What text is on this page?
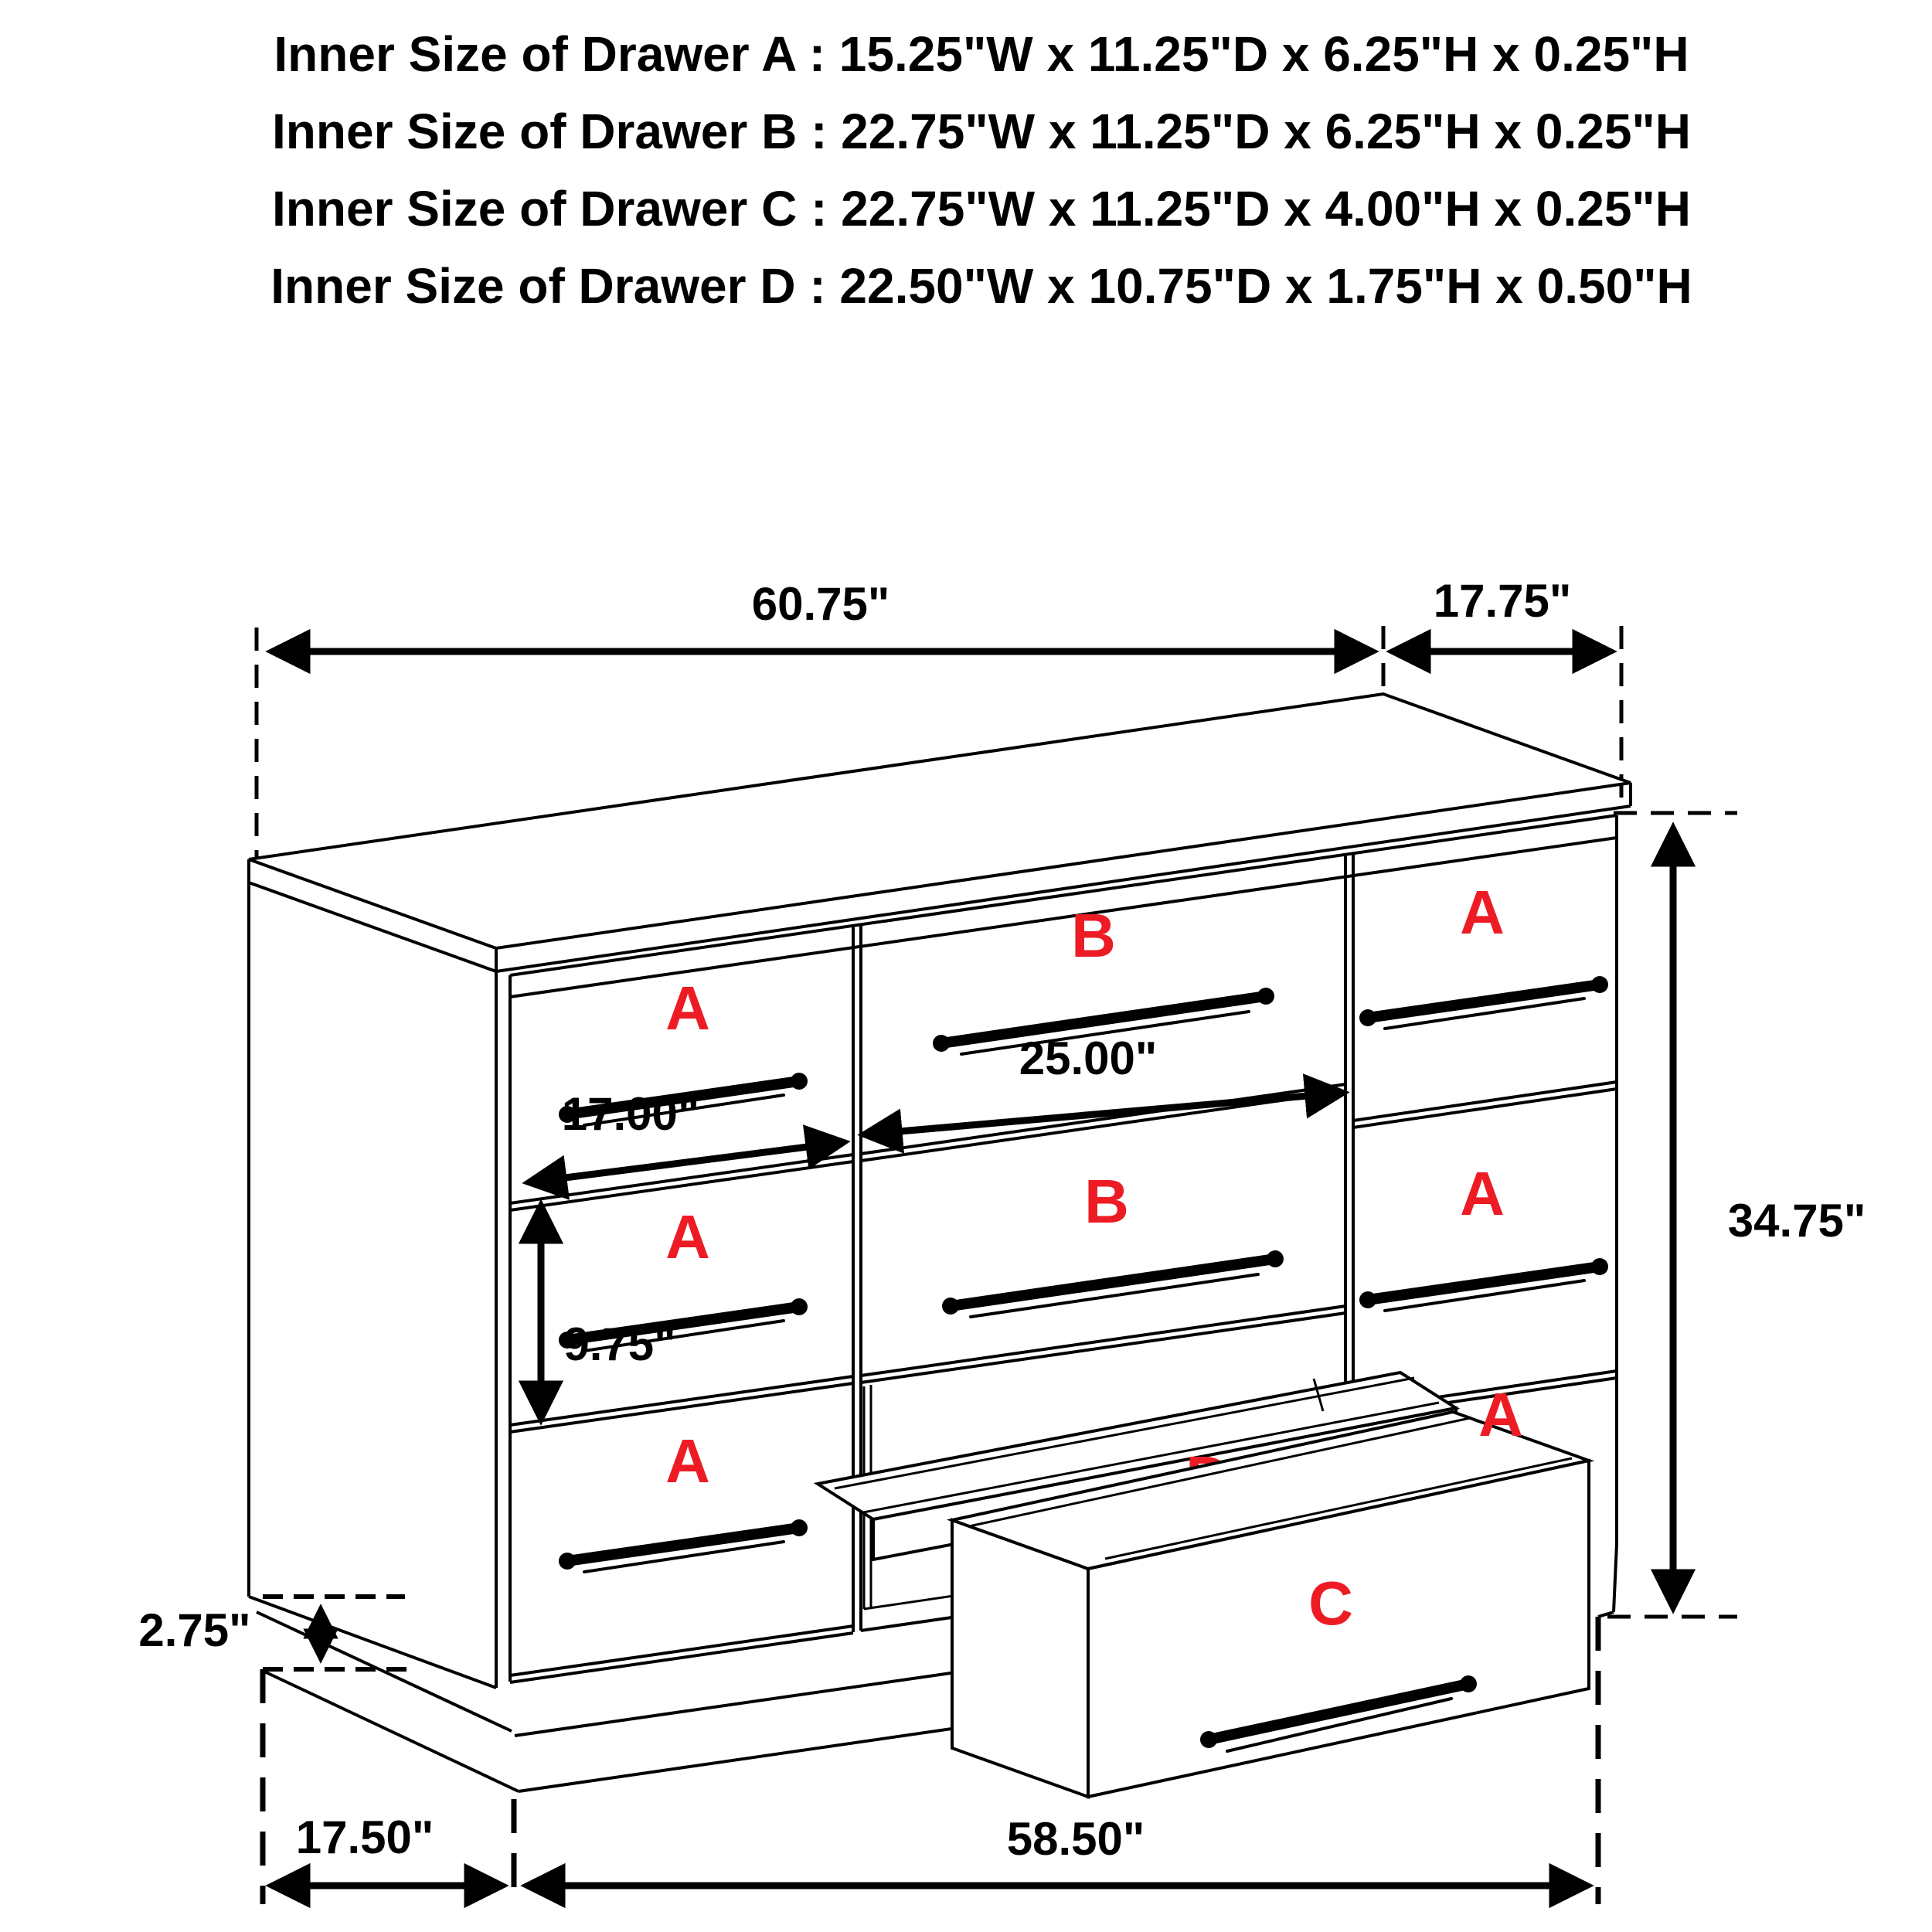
Inner Size of Drawer A : 15.25"W x 11.25"D x 6.25"H x 0.25"H
Inner Size of Drawer B : 22.75"W x 11.25"D x 6.25"H x 0.25"H
Inner Size of Drawer C : 22.75"W x 11.25"D x 4.00"H x 0.25"H
Inner Size of Drawer D : 22.50"W x 10.75"D x 1.75"H x 0.50"H
60.75"	17.75"
C
A
A
A
B
B
A
A
A
17.00"
25.00"
9.75"
34.75"
2.75"
17.50"	58.50"
